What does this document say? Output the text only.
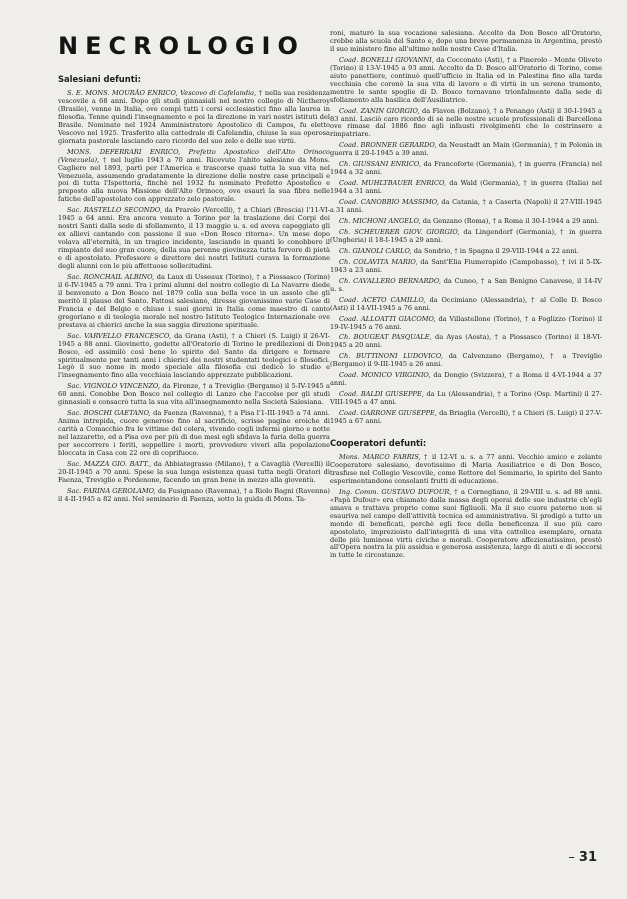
NECROLOGIO
Salesiani defunti:

S. E. MONS. MOURÃO ENRICO, Vescovo di Cafelandia, † nella sua residenza vescovile a 68 anni. Dopo gli studi ginnasiali nel nostro collegio di Nictheroy (Brasile), venne in Italia, ove compì tutti i corsi ecclesiastici fino alla laurea in filosofia. Tenne quindi l'insegnamento e poi la direzione in vari nostri istituti del Brasile. Nominato nel 1924 Amministratore Apostolico di Campos, fu eletto Vescovo nel 1925. Trasferito alla cattedrale di Cafelandia, chiuse la sua operosa giornata pastorale lasciando caro ricordo del suo zelo e delle sue virtù.

MONS. DEFERRARI ENRICO, Prefetto Apostolico dell'Alto Orinoco (Venezuela), † nel luglio 1943 a 70 anni. Ricevuto l'abito salesiano da Mons. Cagliero nel 1893, partì per l'America e trascorse quasi tutta la sua vita nel Venezuela, assumendo gradatamente la direzione delle nostre case principali e poi di tutta l'Ispettoria, finchè nel 1932 fu nominato Prefetto Apostolico e preposto alla nuova Missione dell'Alto Orinoco, ove esaurì la sua fibra nelle fatiche dell'apostolato con apprezzato zelo pastorale.

Sac. RASTELLO SECONDO, da Prarolo (Vercelli), † a Chiari (Brescia) l'11-VI-1945 a 64 anni. Era ancora venuto a Torino per la traslazione dei Corpi dei nostri Santi dalla sede di sfollamento, il 13 maggio u. s. ed aveva capeggiato gli ex allievi cantando con passione il suo «Don Bosco ritorna». Un mese dopo volava all'eternità, in un tragico incidente, lasciando in quanti lo conobbero il rimpianto del suo gran cuore, della sua perenne giovinezza tutta fervore di pietà e di apostolato. Professore e direttore dei nostri Istituti curava la formazione degli alunni con le più affettuose sollecitudini.

Sac. RONCHAIL ALBINO, da Laux di Usseaux (Torino), † a Piossasco (Torino) il 6-IV-1945 a 79 anni. Tra i primi alunni del nostro collegio di La Navarre diede il benvenuto a Don Bosco nel 1879 colla sua bella voce in un assolo che gli meritò il plauso del Santo. Fattosi salesiano, diresse giovanissimo varie Case di Francia e del Belgio e chiuse i suoi giorni in Italia come maestro di canto gregoriano e di teologia morale nel nostro Istituto Teologico Internazionale ove prestava ai chierici anche la sua saggia direzione spirituale.

Sac. VARVELLO FRANCESCO, da Grana (Asti), † a Chieri (S. Luigi) il 26-VI-1945 a 88 anni. Giovinetto, godette all'Oratorio di Torino le predilezioni di Don Bosco, ed assimilò così bene lo spirito del Santo da dirigere e formare spiritualmente per tanti anni i chierici dei nostri studentati teologici e filosofici. Legò il suo nome in modo speciale alla filosofia cui dedicò lo studio e l'insegnamento fino alla vecchiaia lasciando apprezzate pubblicazioni.

Sac. VIGNOLO VINCENZO, da Firenze, † a Treviglio (Bergamo) il 5-IV-1945 a 68 anni. Conobbe Don Bosco nel collegio di Lanzo che l'accolse per gli studi ginnasiali e consacrò tutta la sua vita all'insegnamento nella Società Salesiana.

Sac. BOSCHI GAETANO, da Faenza (Ravenna), † a Pisa l'1-III-1945 a 74 anni. Anima intrepida, cuore generoso fino al sacrificio, scrisse pagine eroiche di carità a Comacchio fra le vittime del colera, vivendo cogli infermi giorno e notte nel lazzaretto, ed a Pisa ove per più di due mesi egli sfidava la furia della guerra per soccorrere i feriti, seppellire i morti, provvedere viveri alla popolazione bloccata in Casa con 22 ore di coprifuoco.

Sac. MAZZA GIO. BATT., da Abbiategrasso (Milano), † a Cavaglià (Vercelli) il 20-II-1945 a 70 anni. Spese la sua lunga esistenza quasi tutta negli Oratori di Faenza, Treviglio e Pordenone, facendo un gran bene in mezzo alla gioventù.

Sac. FARINA GEROLAMO, da Fusignano (Ravenna), † a Riolo Bagni (Ravenna) il 4-II-1945 a 82 anni. Nel seminario di Faenza, sotto la guida di Mons. Ta-

roni, maturò la sua vocazione salesiana. Accolto da Don Bosco all'Oratorio, crebbe alla scuola del Santo e, dopo una breve permanenza in Argentina, prestò il suo ministero fino all'ultimo nelle nostre Case d'Italia.

Coad. BONELLI GIOVANNI, da Cocconato (Asti), † a Pinerolo - Monte Oliveto (Torino) il 13-V-1945 a 93 anni. Accolto da D. Bosco all'Oratorio di Torino, come aiuto panettiere, continuò quell'ufficio in Italia ed in Palestina fino alla tarda vecchiaia che coronò la sua vita di lavoro e di virtù in un sereno tramonto, mentre le sante spoglie di D. Bosco tornavano trionfalmente dalla sede di sfollamento alla basilica dell'Ausiliatrice.

Coad. ZANIN GIORGIO, da Flavon (Bolzano), † a Penango (Asti) il 30-I-1945 a 83 anni. Lasciò caro ricordo di sè nelle nostre scuole professionali di Barcellona ove rimase dal 1886 fino agli infausti rivolgimenti che lo costrinsero a rimpatriare.

Coad. BRONNER GERARDO, da Neustadt an Main (Germania), † in Polonia in guerra il 20-I-1945 a 39 anni.

Ch. GIUSSANI ENRICO, da Francoforte (Germania), † in guerra (Francia) nel 1944 a 32 anni.

Coad. MUHLTBAUER ENRICO, da Wald (Germania), † in guerra (Italia) nel 1944 a 31 anni.

Coad. CANOBBIO MASSIMO, da Catania, † a Caserta (Napoli) il 27-VIII-1945 a 31 anni.

Ch. MICHONI ANGELO, da Genzano (Roma), † a Roma il 30-I-1944 a 29 anni.

Ch. SCHEUERER GIOV. GIORGIO, da Lingendorf (Germania), † in guerra (Ungheria) il 18-I-1945 a 29 anni.

Ch. GIANOLI CARLO, da Sondrio, † in Spagna il 29-VIII-1944 a 22 anni.

Ch. COLAVITA MARIO, da Sant'Elia Fiumerapido (Campobasso), † ivi il 5-IX-1943 a 23 anni.

Ch. CAVALLERO BERNARDO, da Cuneo, † a San Benigno Canavese, il 14-IV u. s.

Coad. ACETO CAMILLO, da Occimiano (Alessandria), † al Colle D. Bosco (Asti) il 14-VII-1945 a 76 anni.

Coad. ALLOATTI GIACOMO, da Villastellone (Torino), † a Foglizzo (Torino) il 19-IV-1945 a 76 anni.

Ch. BOUGEAT PASQUALE, da Ayas (Aosta), † a Piossasco (Torino) il 18-VI-1945 a 20 anni.

Ch. BUTTINONI LUDOVICO, da Calvenzano (Bergamo), † a Treviglio (Bergamo) il 9-III-1945 a 26 anni.

Coad. MONICO VIRGINIO, da Dongio (Svizzera), † a Roma il 4-VI-1944 a 37 anni.

Coad. BALDI GIUSEPPE, da Lu (Alessandria), † a Torino (Osp. Martini) il 27-VIII-1945 a 47 anni.

Coad. GARRONE GIUSEPPE, da Briaglia (Vercelli), † a Chieri (S. Luigi) il 27-V-1945 a 67 anni.

Cooperatori defunti:

Mons. MARCO FABRIS, † il 12-VI u. s. a 77 anni. Vecchio amico e zelante Cooperatore salesiano, devotissimo di Maria Ausiliatrice e di Don Bosco, trasfuse nel Collegio Vescovile, come Rettore del Seminario, lo spirito del Santo esperimentandone consolanti frutti di educazione.

Ing. Comm. GUSTAVO DUFOUR, † a Cornegliano, il 29-VIII u. s. ad 88 anni. «Papà Dufour» era chiamato dalla massa degli operai delle sue industrie ch'egli amava e trattava proprio come suoi figliuoli. Ma il suo cuore paterno non si esauriva nel campo dell'attività tecnica ed amministrativa. Si prodigò a tutto un mondo di beneficati, perchè egli fece della beneficenza il suo più caro apostolato, imprezioisto dall'integrità di una vita cattolica esemplare, ornata delle più luminose virtù civiche e morali. Cooperatore affezionatissimo, prestò all'Opera nostra la più assidua e generosa assistenza, largo di aiuti e di soccorsi in tutte le circostanze.

– 31
